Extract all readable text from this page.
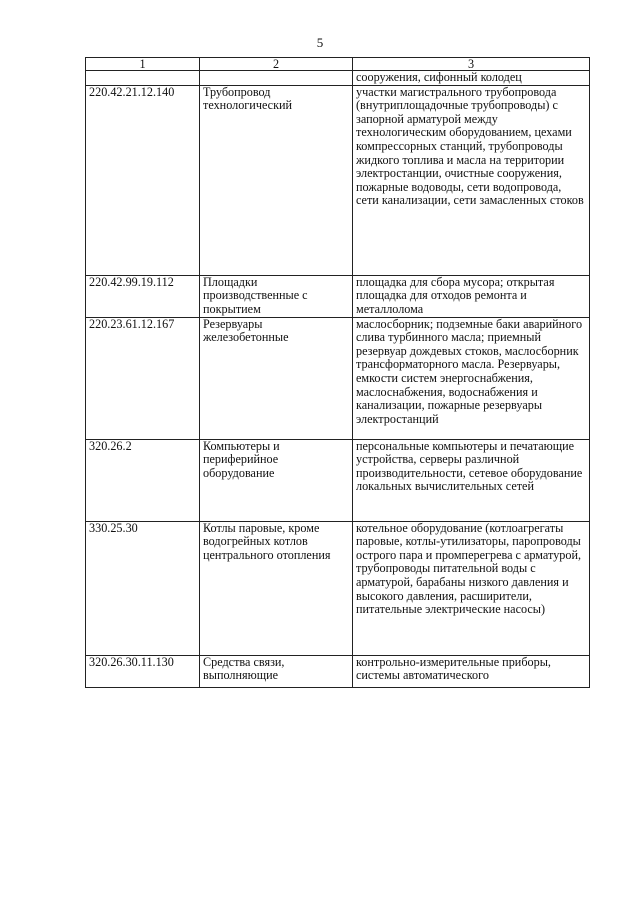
5
1	2	3
		сооружения, сифонный колодец
220.42.21.12.140	Трубопровод технологический	участки магистрального трубопровода (внутриплощадочные трубопроводы) с запорной арматурой между технологическим оборудованием, цехами компрессорных станций, трубопроводы жидкого топлива и масла на территории электростанции, очистные сооружения, пожарные водоводы, сети водопровода, сети канализации, сети замасленных стоков
220.42.99.19.112	Площадки производственные с покрытием	площадка для сбора мусора; открытая площадка для отходов ремонта и металлолома
220.23.61.12.167	Резервуары железобетонные	маслосборник; подземные баки аварийного слива турбинного масла; приемный резервуар дождевых стоков, маслосборник трансформаторного масла. Резервуары, емкости систем энергоснабжения, маслоснабжения, водоснабжения и канализации, пожарные резервуары электростанций
320.26.2	Компьютеры и периферийное оборудование	персональные компьютеры и печатающие устройства, серверы различной производительности, сетевое оборудование локальных вычислительных сетей
330.25.30	Котлы паровые, кроме водогрейных котлов центрального отопления	котельное оборудование (котлоагрегаты паровые, котлы-утилизаторы, паропроводы острого пара и промперегрева с арматурой, трубопроводы питательной воды с арматурой, барабаны низкого давления и высокого давления, расширители, питательные электрические насосы)
320.26.30.11.130	Средства связи, выполняющие	контрольно-измерительные приборы, системы автоматического
